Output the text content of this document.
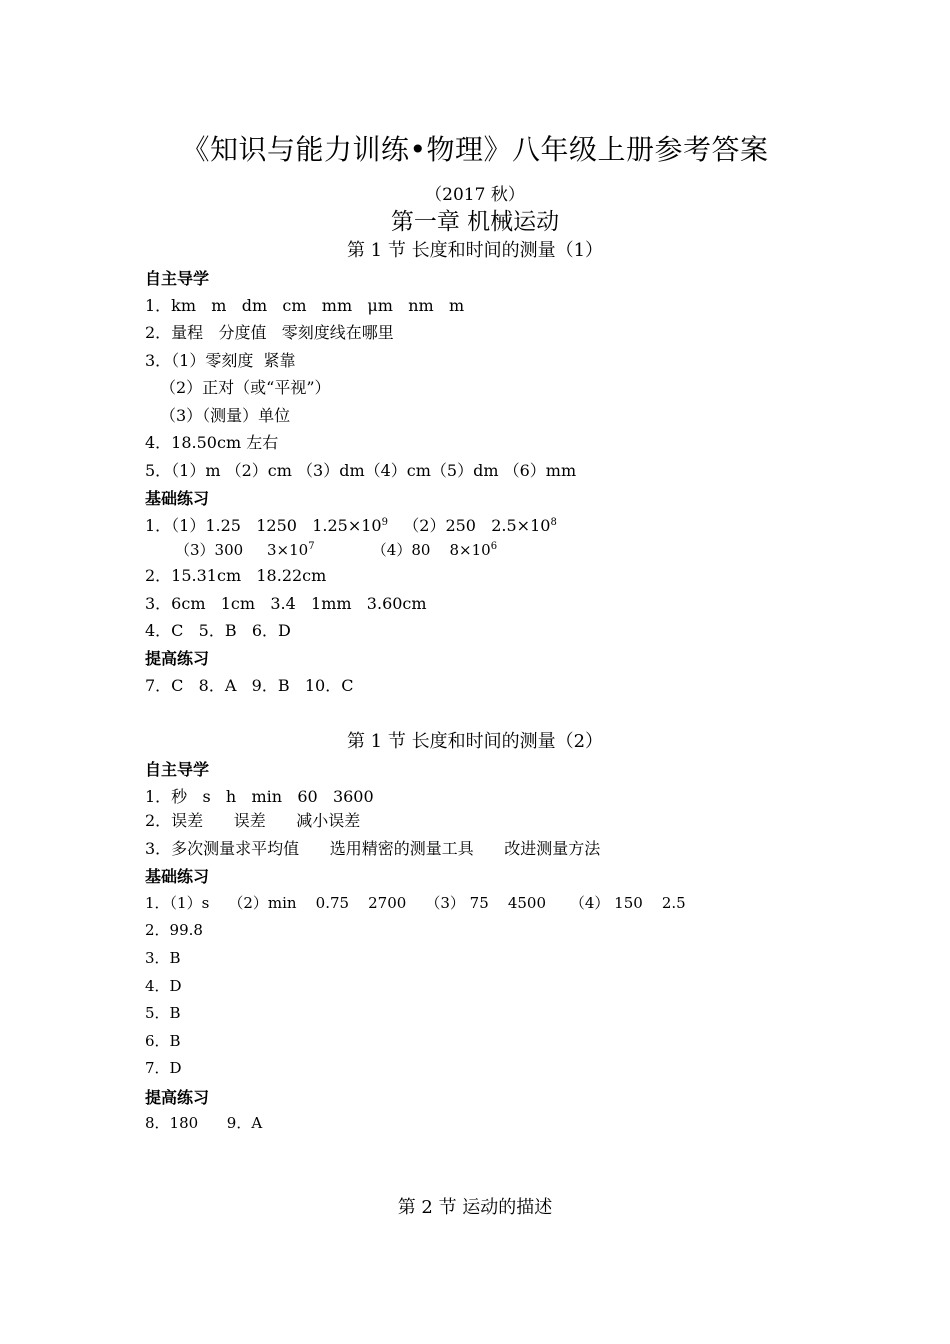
《知识与能力训练•物理》八年级上册参考答案
（2017 秋）
第一章 机械运动
第 1 节 长度和时间的测量（1）
自主导学
1．km   m   dm   cm   mm   μm   nm   m
2．量程   分度值   零刻度线在哪里
3．（1）零刻度  紧靠
（2）正对（或“平视”）
（3）（测量）单位
4．18.50cm 左右
5．（1）m （2）cm （3）dm（4）cm（5）dm （6）mm
基础练习
1．（1）1.25   1250   $1.25\times 10^9$   （2）250   $2.5\times 10^8$
（3）300     $3\times 10^7$            （4）80    $8\times 10^6$
2．15.31cm   18.22cm
3．6cm   1cm   3.4   1mm   3.60cm
4．C   5．B   6．D
提高练习
7．C   8．A   9．B   10．C
第 1 节 长度和时间的测量（2）
自主导学
1．秒   s   h   min   60   3600
2．误差      误差      减小误差
3．多次测量求平均值      选用精密的测量工具      改进测量方法
基础练习
1．（1）s    （2）min    0.75    2700    （3） 75    4500     （4） 150    2.5
2．99.8
3．B
4．D
5．B
6．B
7．D
提高练习
8．180      9．A
第 2 节 运动的描述
